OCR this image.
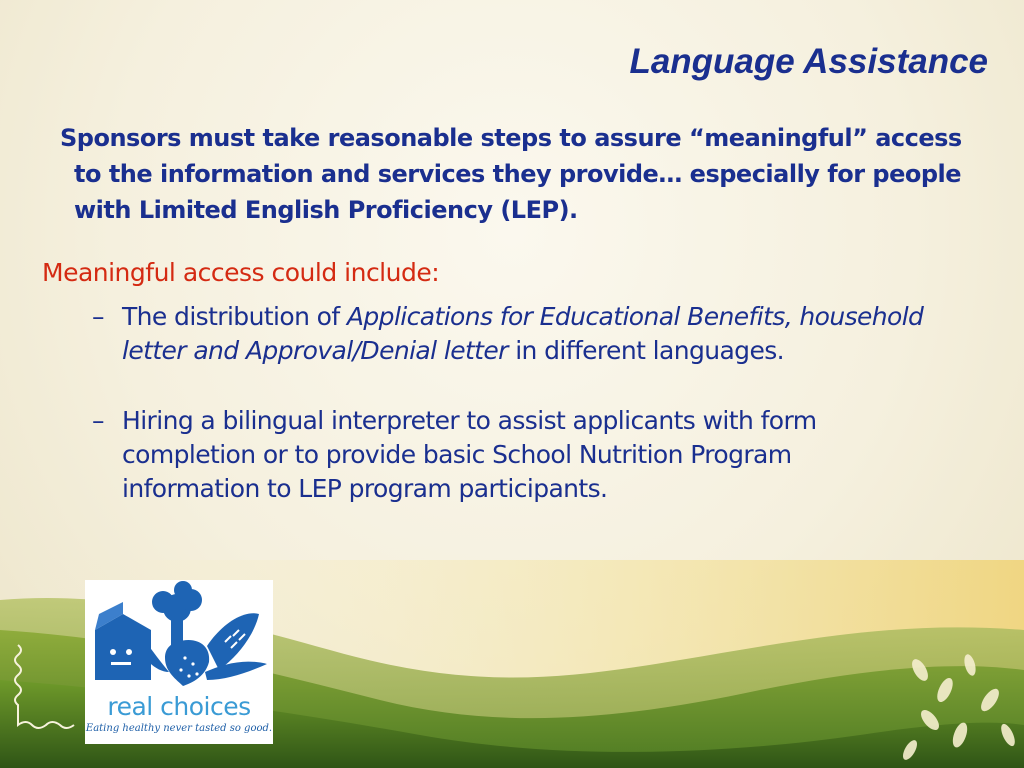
Language Assistance

Sponsors must take reasonable steps to assure “meaningful” access to the information and services they provide… especially for people with Limited English Proficiency (LEP).

Meaningful access could include:

– The distribution of Applications for Educational Benefits, household letter and Approval/Denial letter in different languages.
– Hiring a bilingual interpreter to assist applicants with form completion or to provide basic School Nutrition Program information to LEP program participants.
real choices
Eating healthy never tasted so good.
